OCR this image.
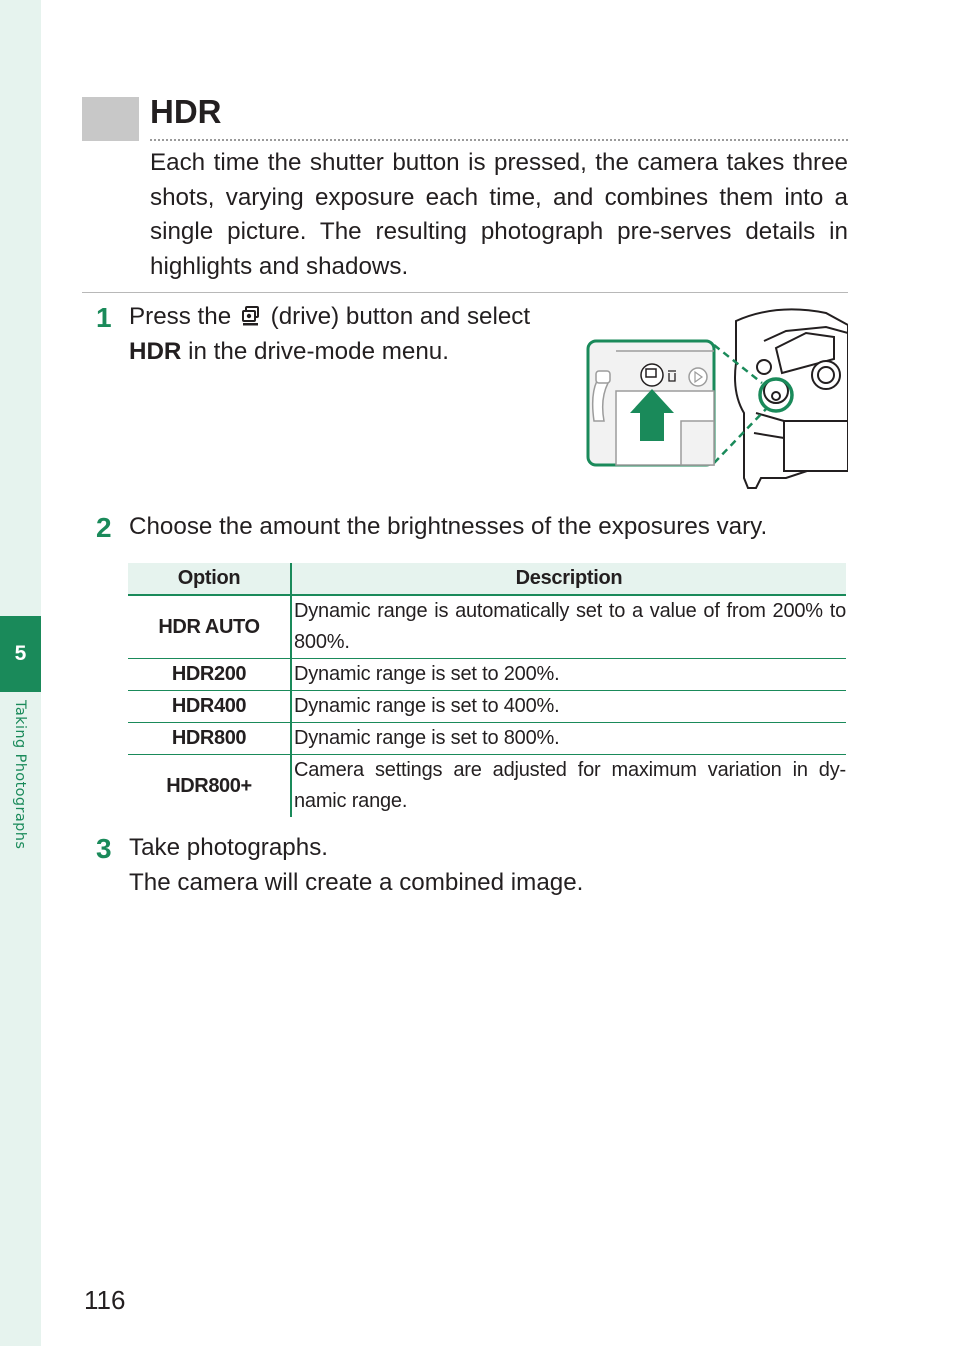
5
Taking Photographs
HDR

Each time the shutter button is pressed, the camera takes three shots, varying exposure each time, and combines them into a single picture. The resulting photograph pre-serves details in highlights and shadows.

1 Press the (drive) button and select
HDR in the drive-mode menu.
2 Choose the amount the brightnesses of the exposures vary.
Option	Description
HDR AUTO	Dynamic range is automatically set to a value of from 200% to 800%.
HDR200	Dynamic range is set to 200%.
HDR400	Dynamic range is set to 400%.
HDR800	Dynamic range is set to 800%.
HDR800+	Camera settings are adjusted for maximum variation in dy-namic range.
3 Take photographs.
The camera will create a combined image.
116
